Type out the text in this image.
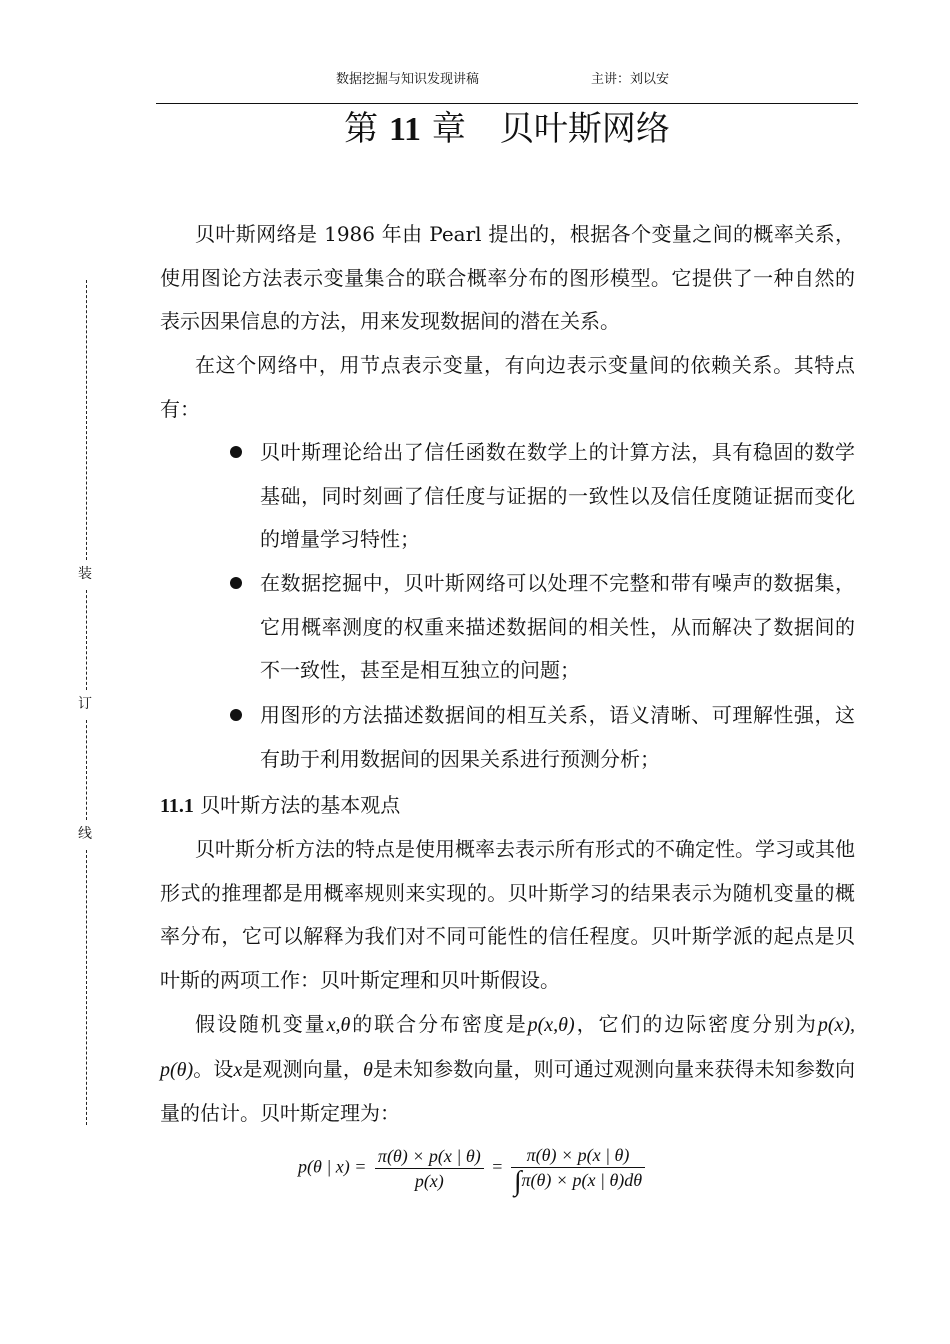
数据挖掘与知识发现讲稿	主讲：刘以安
装
订
线
第 11 章  贝叶斯网络
贝叶斯网络是 1986 年由 Pearl 提出的，根据各个变量之间的概率关系，使用图论方法表示变量集合的联合概率分布的图形模型。它提供了一种自然的表示因果信息的方法，用来发现数据间的潜在关系。
在这个网络中，用节点表示变量，有向边表示变量间的依赖关系。其特点有：
贝叶斯理论给出了信任函数在数学上的计算方法，具有稳固的数学基础，同时刻画了信任度与证据的一致性以及信任度随证据而变化的增量学习特性；
在数据挖掘中，贝叶斯网络可以处理不完整和带有噪声的数据集，它用概率测度的权重来描述数据间的相关性，从而解决了数据间的不一致性，甚至是相互独立的问题；
用图形的方法描述数据间的相互关系，语义清晰、可理解性强，这有助于利用数据间的因果关系进行预测分析；
11.1 贝叶斯方法的基本观点
贝叶斯分析方法的特点是使用概率去表示所有形式的不确定性。学习或其他形式的推理都是用概率规则来实现的。贝叶斯学习的结果表示为随机变量的概率分布，它可以解释为我们对不同可能性的信任程度。贝叶斯学派的起点是贝叶斯的两项工作：贝叶斯定理和贝叶斯假设。
假设随机变量x,θ的联合分布密度是p(x,θ)，它们的边际密度分别为p(x), p(θ)。设x是观测向量，θ是未知参数向量，则可通过观测向量来获得未知参数向量的估计。贝叶斯定理为：
p(θ | $x) = \frac{\pi(\theta) \times p(x | \theta)}{p(x)} = \frac{\pi(\theta) \times p(x | \theta)}{\int\pi(\theta) \times p(x | \theta)d\theta}$
